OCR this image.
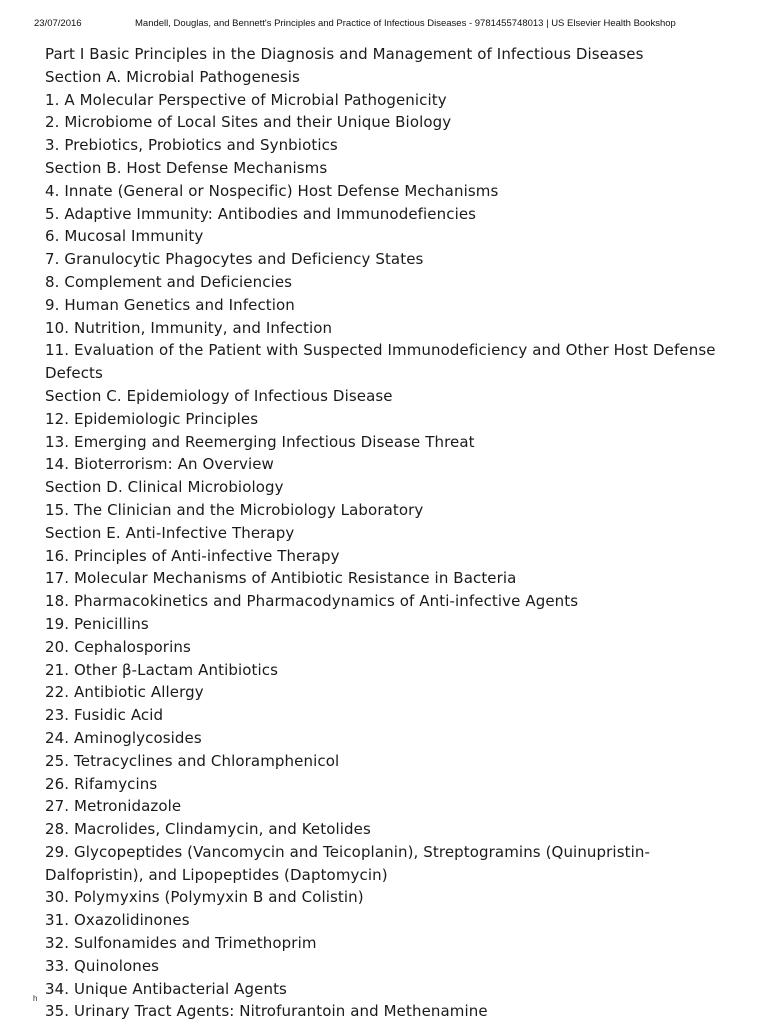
23/07/2016	Mandell, Douglas, and Bennett's Principles and Practice of Infectious Diseases - 9781455748013 | US Elsevier Health Bookshop
Part I Basic Principles in the Diagnosis and Management of Infectious Diseases
Section A. Microbial Pathogenesis
1. A Molecular Perspective of Microbial Pathogenicity
2. Microbiome of Local Sites and their Unique Biology
3. Prebiotics, Probiotics and Synbiotics
Section B. Host Defense Mechanisms
4. Innate (General or Nospecific) Host Defense Mechanisms
5. Adaptive Immunity: Antibodies and Immunodefiencies
6. Mucosal Immunity
7. Granulocytic Phagocytes and Deficiency States
8. Complement and Deficiencies
9. Human Genetics and Infection
10. Nutrition, Immunity, and Infection
11. Evaluation of the Patient with Suspected Immunodeficiency and Other Host Defense
Defects
Section C. Epidemiology of Infectious Disease
12. Epidemiologic Principles
13. Emerging and Reemerging Infectious Disease Threat
14. Bioterrorism: An Overview
Section D. Clinical Microbiology
15. The Clinician and the Microbiology Laboratory
Section E. Anti-Infective Therapy
16. Principles of Anti-infective Therapy
17. Molecular Mechanisms of Antibiotic Resistance in Bacteria
18. Pharmacokinetics and Pharmacodynamics of Anti-infective Agents
19. Penicillins
20. Cephalosporins
21. Other β-Lactam Antibiotics
22. Antibiotic Allergy
23. Fusidic Acid
24. Aminoglycosides
25. Tetracyclines and Chloramphenicol
26. Rifamycins
27. Metronidazole
28. Macrolides, Clindamycin, and Ketolides
29. Glycopeptides (Vancomycin and Teicoplanin), Streptogramins (Quinupristin-
Dalfopristin), and Lipopeptides (Daptomycin)
30. Polymyxins (Polymyxin B and Colistin)
31. Oxazolidinones
32. Sulfonamides and Trimethoprim
33. Quinolones
34. Unique Antibacterial Agents
35. Urinary Tract Agents: Nitrofurantoin and Methenamine
h
